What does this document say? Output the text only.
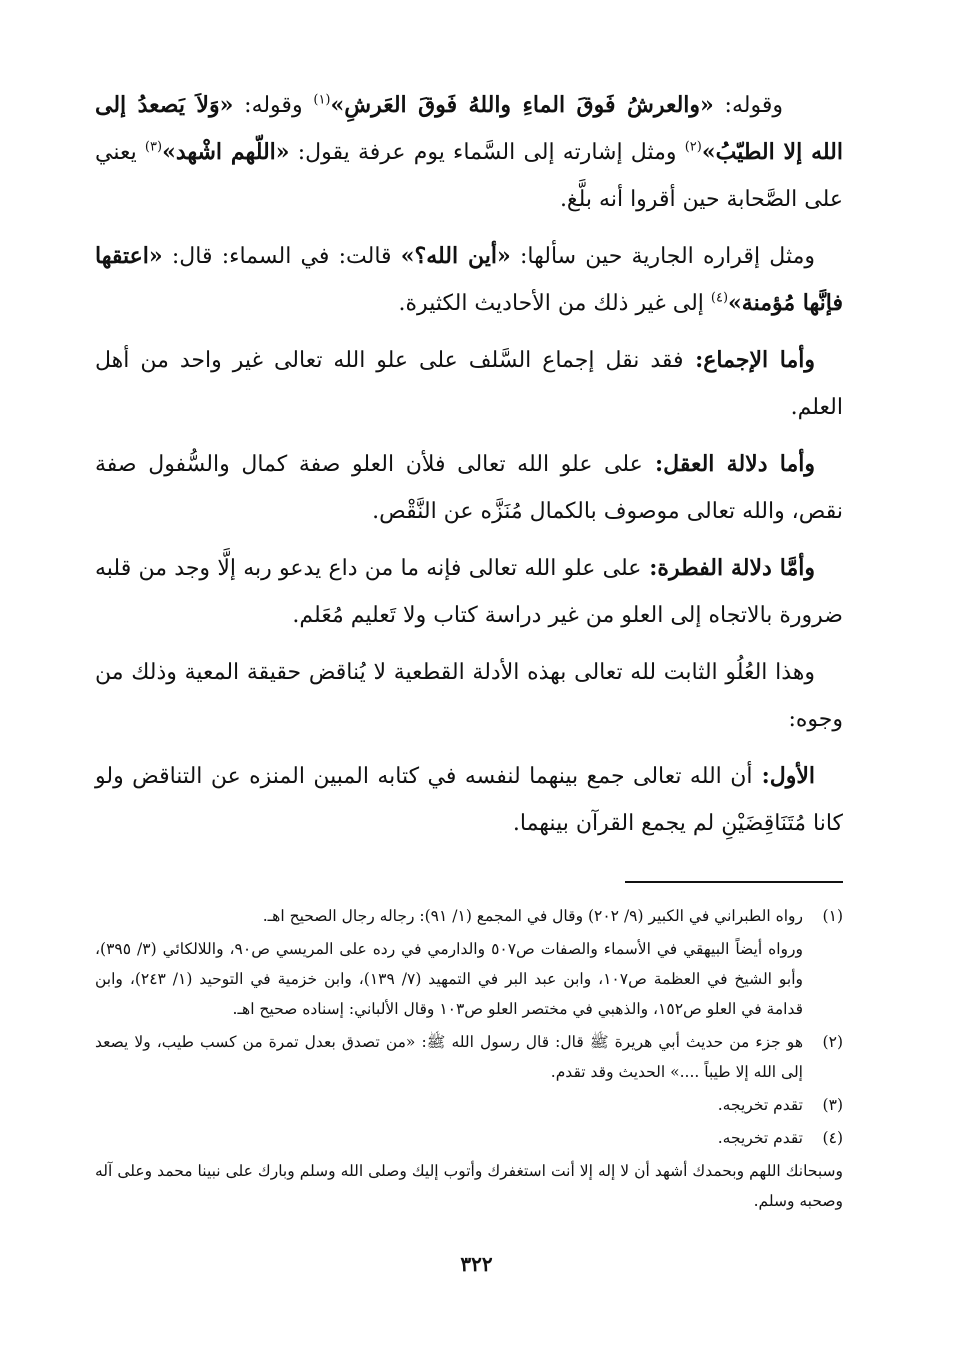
وقوله: «والعرشُ فَوقَ الماءِ واللهُ فَوقَ العَرشِ»$^{(١)}$ وقوله: «وَلاَ يَصعدُ إلى الله إلا الطيّبُ»$^{(٢)}$ ومثل إشارته إلى السَّماء يوم عرفة يقول: «اللّهم اشْهد»$^{(٣)}$ يعني على الصَّحابة حين أقروا أنه بلَّغ.

ومثل إقراره الجارية حين سألها: «أين الله؟» قالت: في السماء: قال: «اعتقها فإنَّها مُؤمنة»$^{(٤)}$ إلى غير ذلك من الأحاديث الكثيرة.

وأما الإجماع: فقد نقل إجماع السَّلف على علو الله تعالى غير واحد من أهل العلم.

وأما دلالة العقل: على علو الله تعالى فلأن العلو صفة كمال والسُّفول صفة نقص، والله تعالى موصوف بالكمال مُنَزَّه عن النَّقْص.

وأمَّا دلالة الفطرة: على علو الله تعالى فإنه ما من داع يدعو ربه إلَّا وجد من قلبه ضرورة بالاتجاه إلى العلو من غير دراسة كتاب ولا تَعليم مُعَلم.

وهذا العُلُو الثابت لله تعالى بهذه الأدلة القطعية لا يُناقض حقيقة المعية وذلك من وجوه:

الأول: أن الله تعالى جمع بينهما لنفسه في كتابه المبين المنزه عن التناقض ولو كانا مُتَنَاقِضَيْنِ لم يجمع القرآن بينهما.

(١)
رواه الطبراني في الكبير (٩/ ٢٠٢) وقال في المجمع (١/ ٩١): رجاله رجال الصحيح اهـ.
ورواه أيضاً البيهقي في الأسماء والصفات ص٥٠٧ والدارمي في رده على المريسي ص٩٠، واللالكائي (٣/ ٣٩٥)، وأبو الشيخ في العظمة ص١٠٧، وابن عبد البر في التمهيد (٧/ ١٣٩)، وابن خزمية في التوحيد (١/ ٢٤٣)، وابن قدامة في العلو ص١٥٢، والذهبي في مختصر العلو ص١٠٣ وقال الألباني: إسناده صحيح اهـ.
(٢)
هو جزء من حديث أبي هريرة ﷺ قال: قال رسول الله ﷺ: «من تصدق بعدل تمرة من كسب طيب، ولا يصعد إلى الله إلا طيباً ....» الحديث وقد تقدم.
(٣)
تقدم تخريجه.
(٤)
تقدم تخريجه.
وسبحانك اللهم وبحمدك أشهد أن لا إله إلا أنت استغفرك وأتوب إليك وصلى الله وسلم وبارك على نبينا محمد وعلى آله وصحبه وسلم.
٣٢٢
